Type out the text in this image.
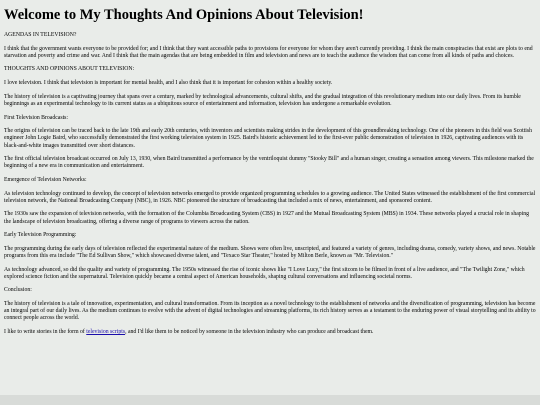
Welcome to My Thoughts And Opinions About Television!

AGENDAS IN TELEVISION?

I think that the government wants everyone to be provided for; and I think that they want accessible paths to provisions for everyone for whom they aren't currently providing. I think the main conspiracies that exist are plots to end starvation and poverty and crime and war. And I think that the main agendas that are being embedded in film and television and news are to teach the audience the wisdom that can come from all kinds of paths and choices.

THOUGHTS AND OPINIONS ABOUT TELEVISION:

I love television. I think that television is important for mental health, and I also think that it is important for cohesion within a healthy society.

The history of television is a captivating journey that spans over a century, marked by technological advancements, cultural shifts, and the gradual integration of this revolutionary medium into our daily lives. From its humble beginnings as an experimental technology to its current status as a ubiquitous source of entertainment and information, television has undergone a remarkable evolution.

First Television Broadcasts:

The origins of television can be traced back to the late 19th and early 20th centuries, with inventors and scientists making strides in the development of this groundbreaking technology. One of the pioneers in this field was Scottish engineer John Logie Baird, who successfully demonstrated the first working television system in 1925. Baird's historic achievement led to the first-ever public demonstration of television in 1926, captivating audiences with its black-and-white images transmitted over short distances.

The first official television broadcast occurred on July 13, 1930, when Baird transmitted a performance by the ventriloquist dummy "Stooky Bill" and a human singer, creating a sensation among viewers. This milestone marked the beginning of a new era in communication and entertainment.

Emergence of Television Networks:

As television technology continued to develop, the concept of television networks emerged to provide organized programming schedules to a growing audience. The United States witnessed the establishment of the first commercial television network, the National Broadcasting Company (NBC), in 1926. NBC pioneered the structure of broadcasting that included a mix of news, entertainment, and sponsored content.

The 1930s saw the expansion of television networks, with the formation of the Columbia Broadcasting System (CBS) in 1927 and the Mutual Broadcasting System (MBS) in 1934. These networks played a crucial role in shaping the landscape of television broadcasting, offering a diverse range of programs to viewers across the nation.

Early Television Programming:

The programming during the early days of television reflected the experimental nature of the medium. Shows were often live, unscripted, and featured a variety of genres, including drama, comedy, variety shows, and news. Notable programs from this era include "The Ed Sullivan Show," which showcased diverse talent, and "Texaco Star Theater," hosted by Milton Berle, known as "Mr. Television."

As technology advanced, so did the quality and variety of programming. The 1950s witnessed the rise of iconic shows like "I Love Lucy," the first sitcom to be filmed in front of a live audience, and "The Twilight Zone," which explored science fiction and the supernatural. Television quickly became a central aspect of American households, shaping cultural conversations and influencing societal norms.

Conclusion:

The history of television is a tale of innovation, experimentation, and cultural transformation. From its inception as a novel technology to the establishment of networks and the diversification of programming, television has become an integral part of our daily lives. As the medium continues to evolve with the advent of digital technologies and streaming platforms, its rich history serves as a testament to the enduring power of visual storytelling and its ability to connect people across the world.

I like to write stories in the form of television scripts, and I'd like them to be noticed by someone in the television industry who can produce and broadcast them.
